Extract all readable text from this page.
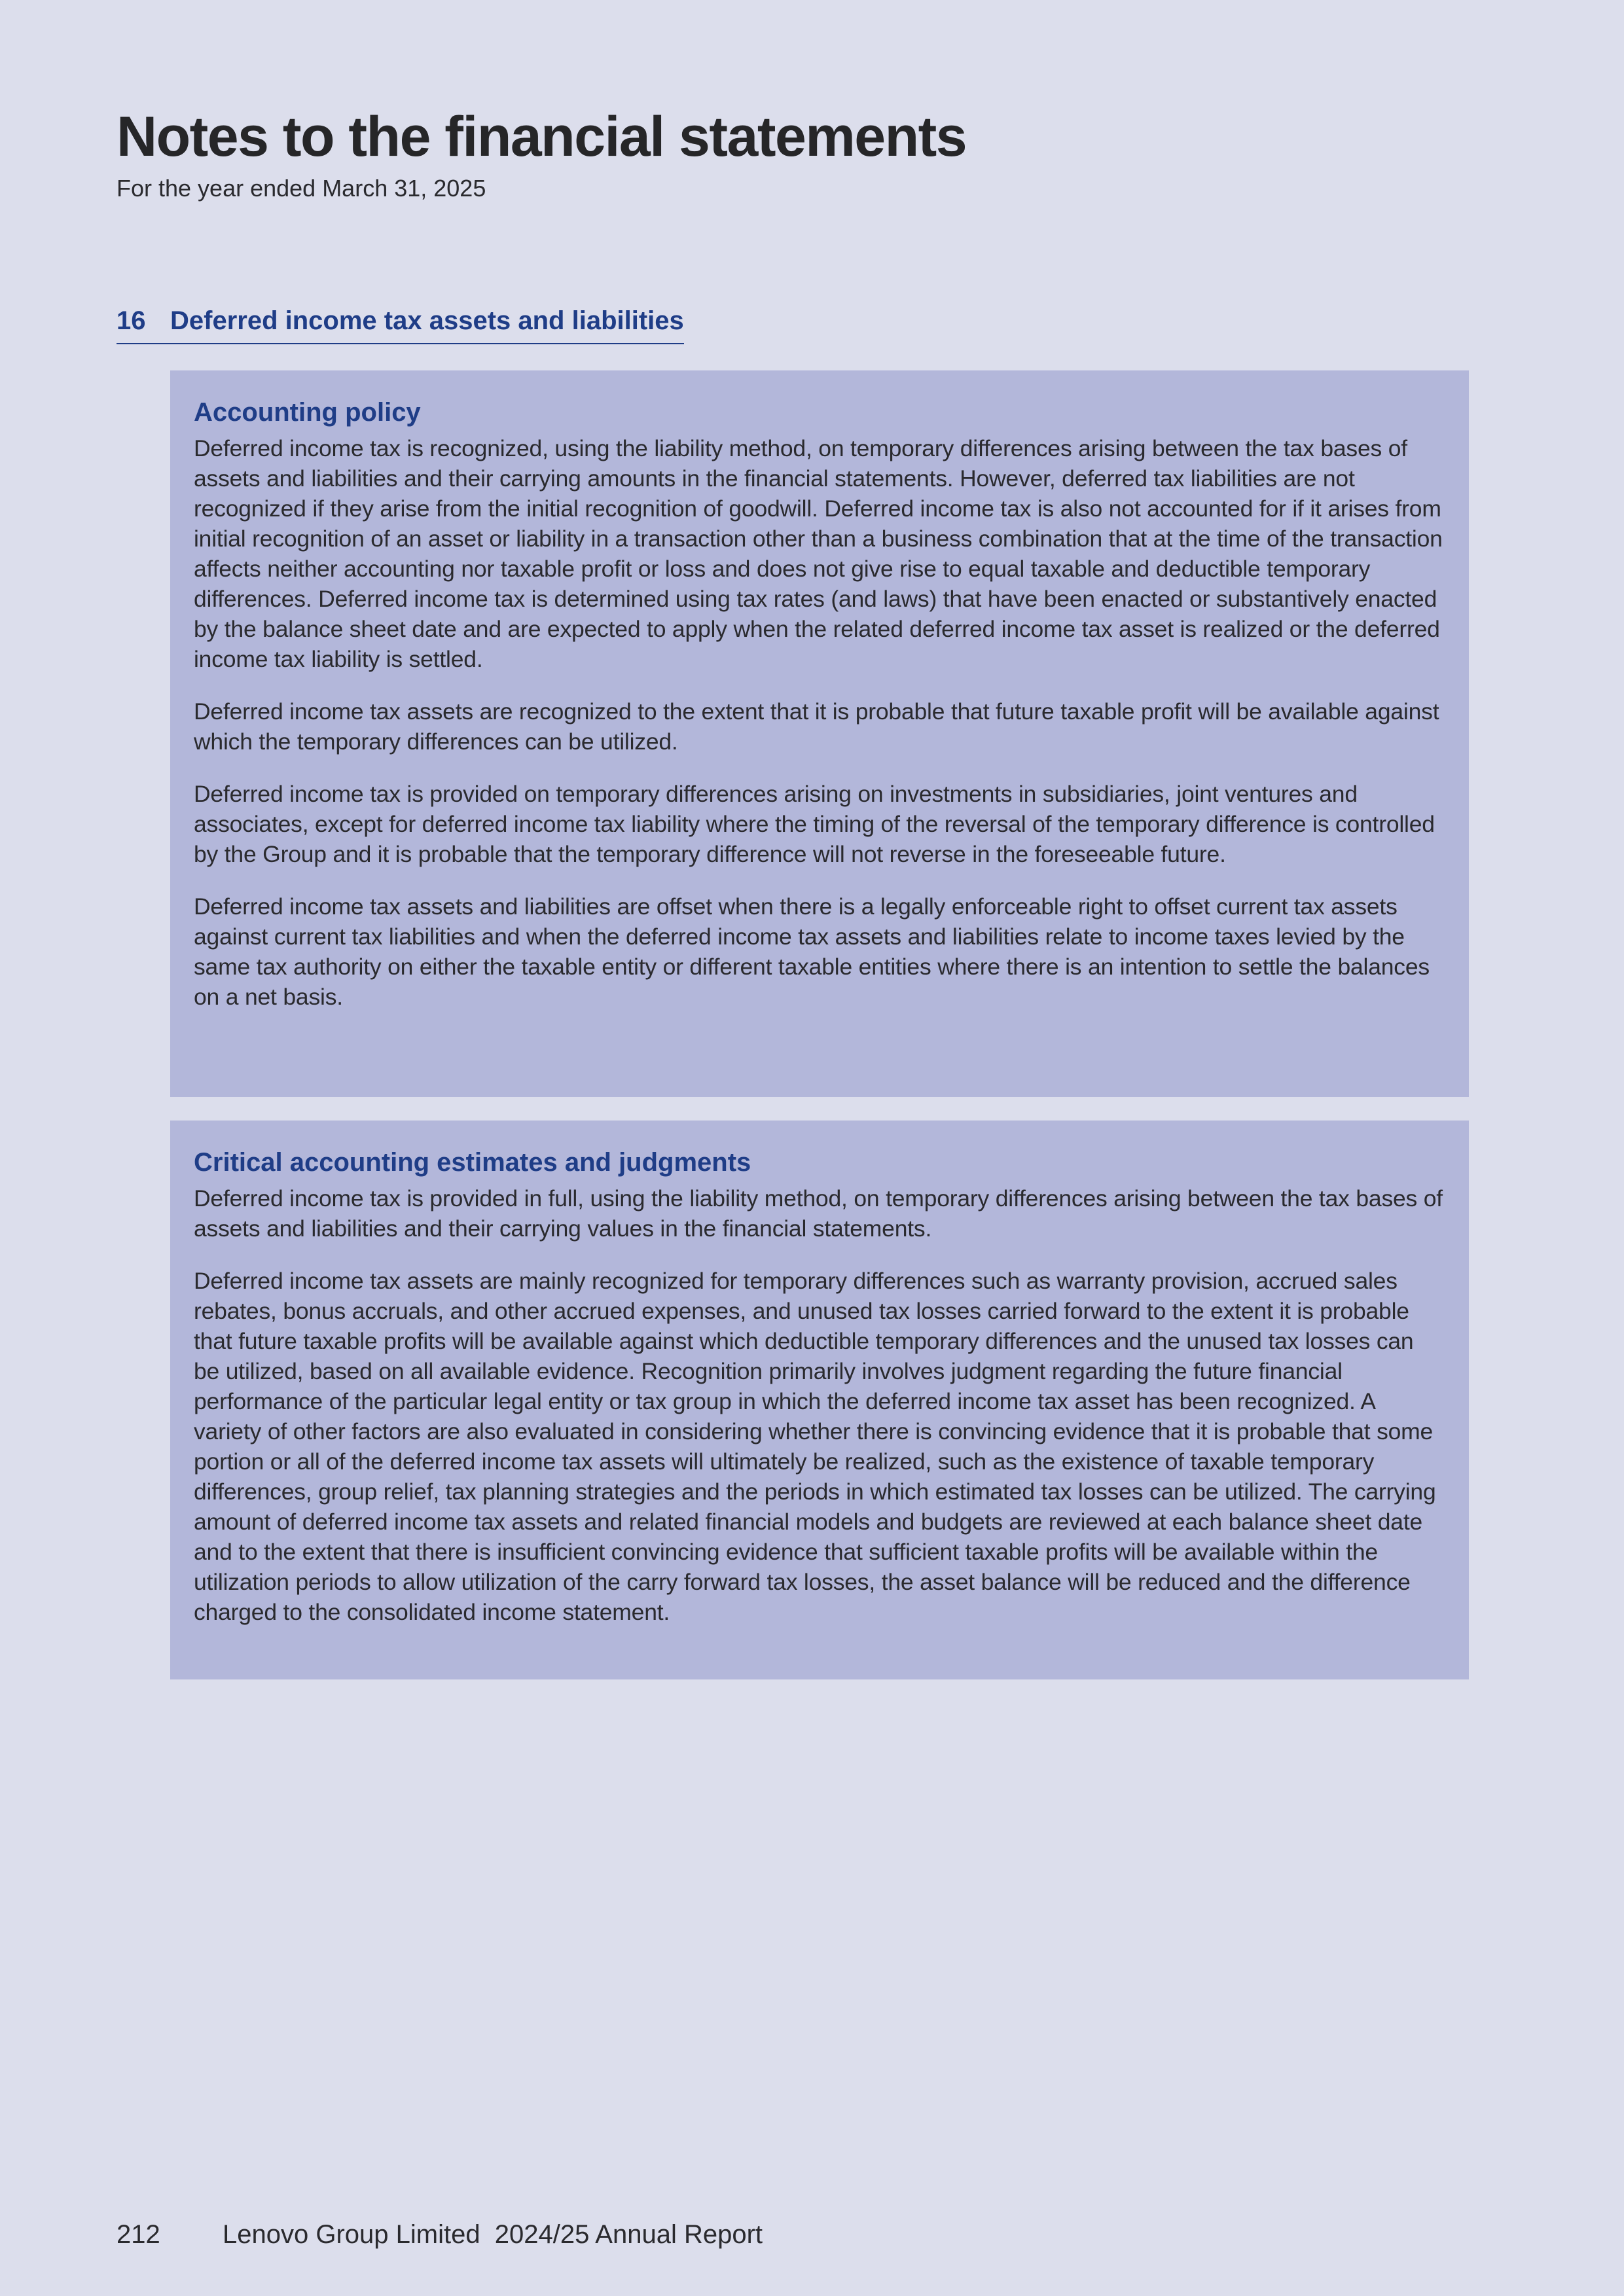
Notes to the financial statements
For the year ended March 31, 2025
16 Deferred income tax assets and liabilities
Accounting policy

Deferred income tax is recognized, using the liability method, on temporary differences arising between the tax bases of assets and liabilities and their carrying amounts in the financial statements. However, deferred tax liabilities are not recognized if they arise from the initial recognition of goodwill. Deferred income tax is also not accounted for if it arises from initial recognition of an asset or liability in a transaction other than a business combination that at the time of the transaction affects neither accounting nor taxable profit or loss and does not give rise to equal taxable and deductible temporary differences. Deferred income tax is determined using tax rates (and laws) that have been enacted or substantively enacted by the balance sheet date and are expected to apply when the related deferred income tax asset is realized or the deferred income tax liability is settled.

Deferred income tax assets are recognized to the extent that it is probable that future taxable profit will be available against which the temporary differences can be utilized.

Deferred income tax is provided on temporary differences arising on investments in subsidiaries, joint ventures and associates, except for deferred income tax liability where the timing of the reversal of the temporary difference is controlled by the Group and it is probable that the temporary difference will not reverse in the foreseeable future.

Deferred income tax assets and liabilities are offset when there is a legally enforceable right to offset current tax assets against current tax liabilities and when the deferred income tax assets and liabilities relate to income taxes levied by the same tax authority on either the taxable entity or different taxable entities where there is an intention to settle the balances on a net basis.

Critical accounting estimates and judgments

Deferred income tax is provided in full, using the liability method, on temporary differences arising between the tax bases of assets and liabilities and their carrying values in the financial statements.

Deferred income tax assets are mainly recognized for temporary differences such as warranty provision, accrued sales rebates, bonus accruals, and other accrued expenses, and unused tax losses carried forward to the extent it is probable that future taxable profits will be available against which deductible temporary differences and the unused tax losses can be utilized, based on all available evidence. Recognition primarily involves judgment regarding the future financial performance of the particular legal entity or tax group in which the deferred income tax asset has been recognized. A variety of other factors are also evaluated in considering whether there is convincing evidence that it is probable that some portion or all of the deferred income tax assets will ultimately be realized, such as the existence of taxable temporary differences, group relief, tax planning strategies and the periods in which estimated tax losses can be utilized. The carrying amount of deferred income tax assets and related financial models and budgets are reviewed at each balance sheet date and to the extent that there is insufficient convincing evidence that sufficient taxable profits will be available within the utilization periods to allow utilization of the carry forward tax losses, the asset balance will be reduced and the difference charged to the consolidated income statement.

212 Lenovo Group Limited  2024/25 Annual Report
